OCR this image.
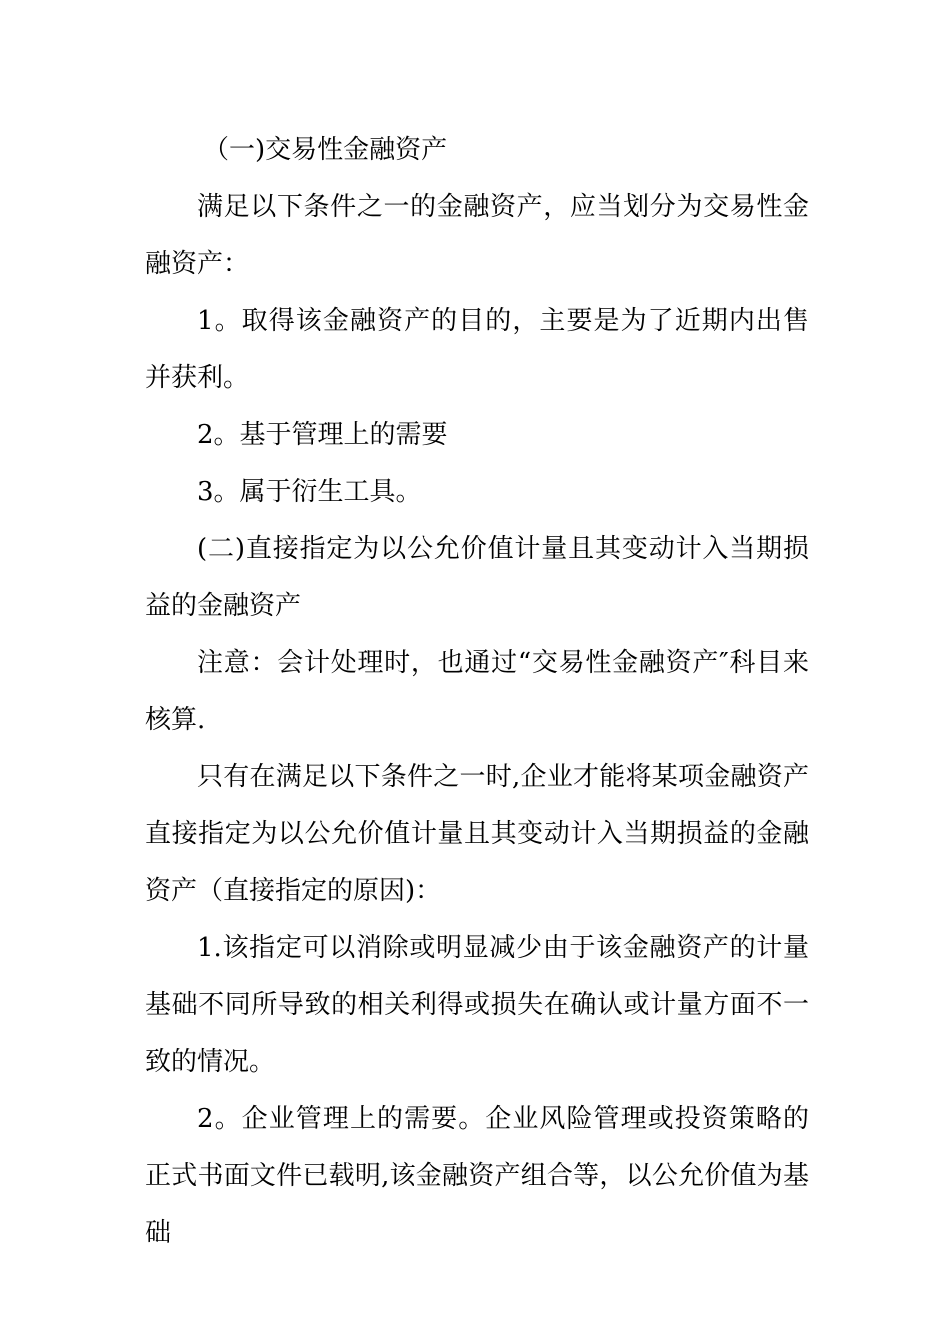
（一)交易性金融资产

满足以下条件之一的金融资产，应当划分为交易性金融资产：

1。取得该金融资产的目的，主要是为了近期内出售并获利。

2。基于管理上的需要

3。属于衍生工具。

(二)直接指定为以公允价值计量且其变动计入当期损益的金融资产

注意：会计处理时，也通过“交易性金融资产″科目来核算.

只有在满足以下条件之一时,企业才能将某项金融资产直接指定为以公允价值计量且其变动计入当期损益的金融资产（直接指定的原因)：

1.该指定可以消除或明显减少由于该金融资产的计量基础不同所导致的相关利得或损失在确认或计量方面不一致的情况。

2。企业管理上的需要。企业风险管理或投资策略的正式书面文件已载明,该金融资产组合等，以公允价值为基础
